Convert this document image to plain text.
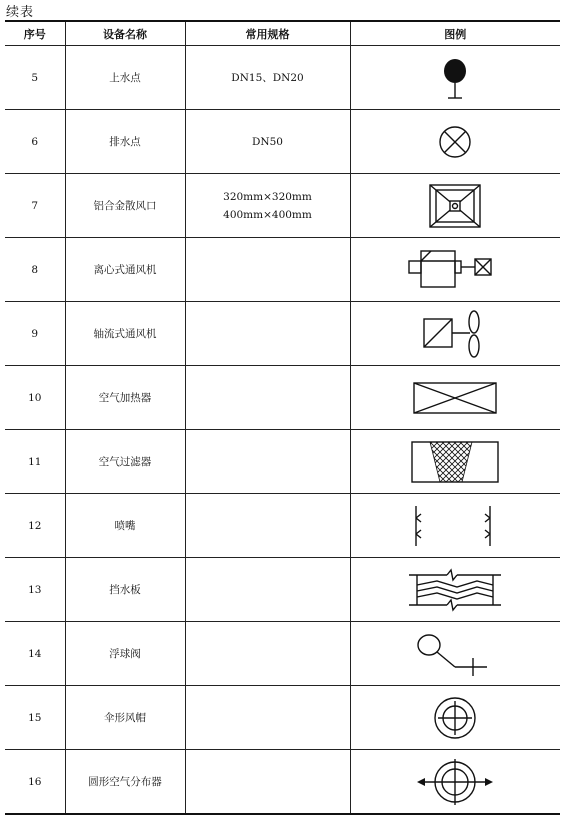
续表
序号	设备名称	常用规格	图例
5	上水点	DN15、DN20

6	排水点	DN50

7	铝合金散风口	320mm×320mm
400mm×400mm

8	离心式通风机		

9	轴流式通风机		

10	空气加热器		

11	空气过滤器		

12	喷嘴		

13	挡水板		

14	浮球阀		

15	伞形风帽		

16	圆形空气分布器		
